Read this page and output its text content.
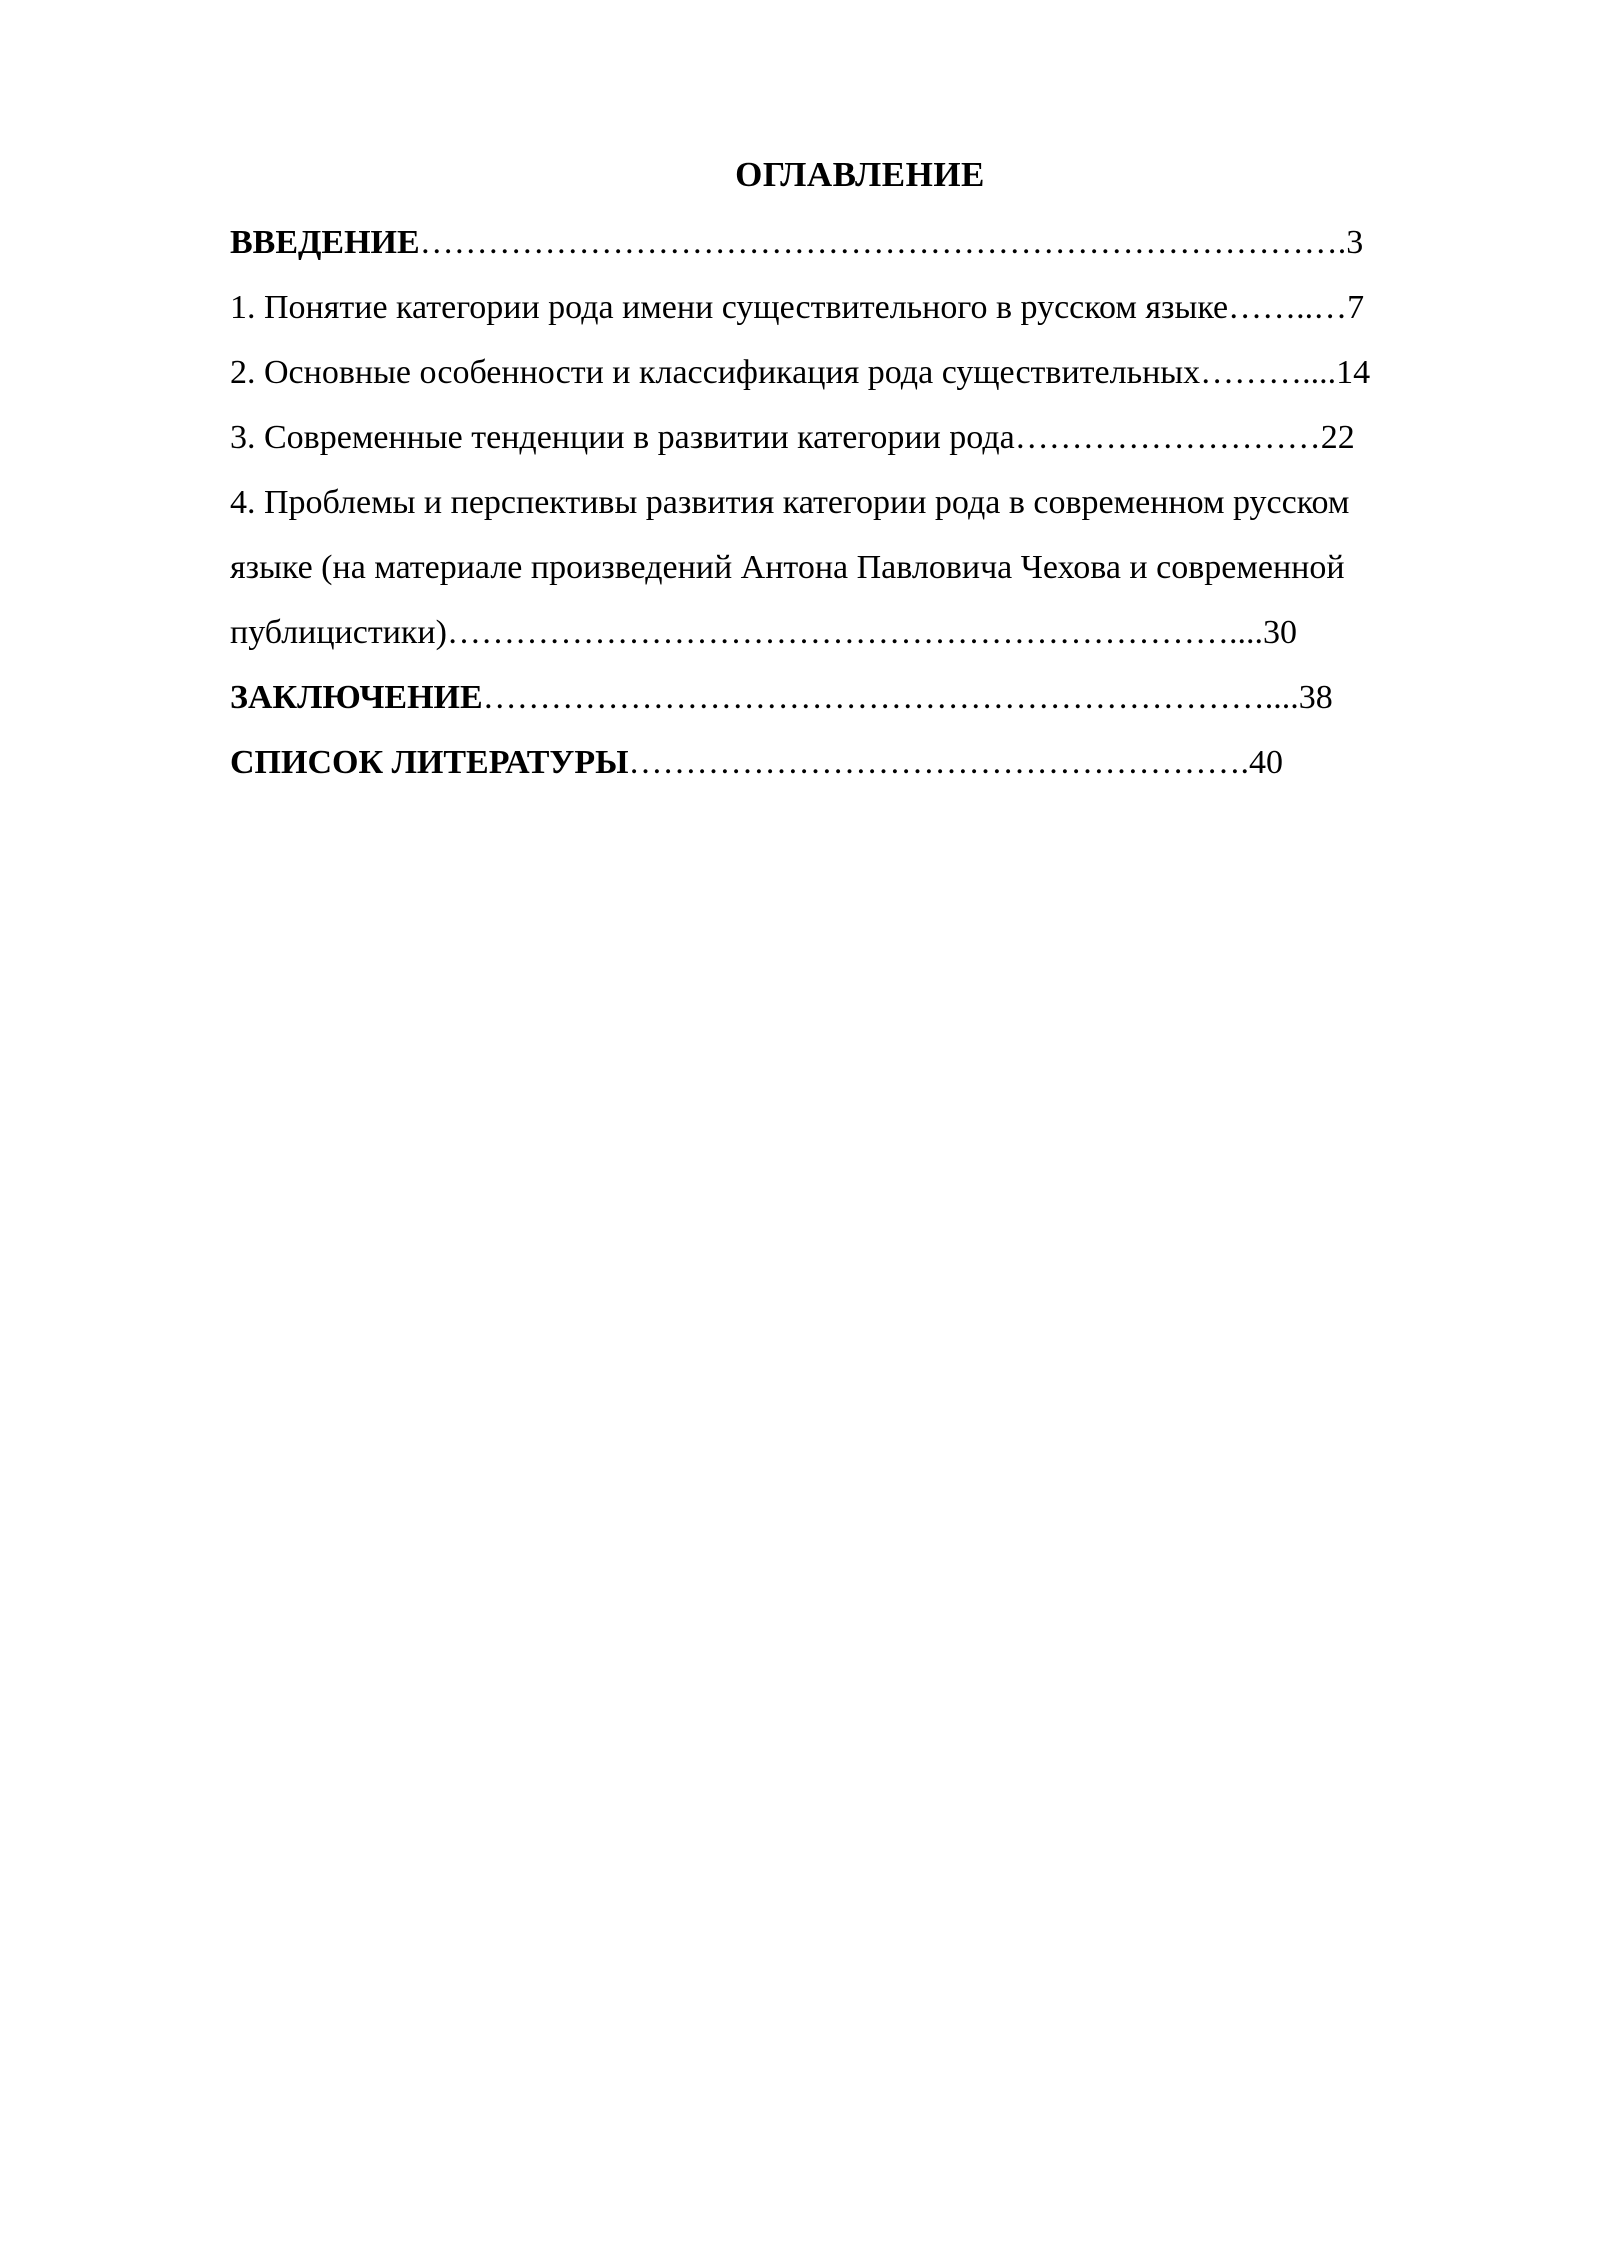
ОГЛАВЛЕНИЕ
ВВЕДЕНИЕ……………………………………………………………………….3
1. Понятие категории рода имени существительного в русском языке……..…7
2. Основные особенности и классификация рода существительных………....14
3. Современные тенденции в развитии категории рода………………………22
4. Проблемы и перспективы развития категории рода в современном русском
языке (на материале произведений Антона Павловича Чехова и современной
публицистики)……………………………………………………………....30
ЗАКЛЮЧЕНИЕ……………………………………………………………....38
СПИСОК ЛИТЕРАТУРЫ……………………………………………….40
